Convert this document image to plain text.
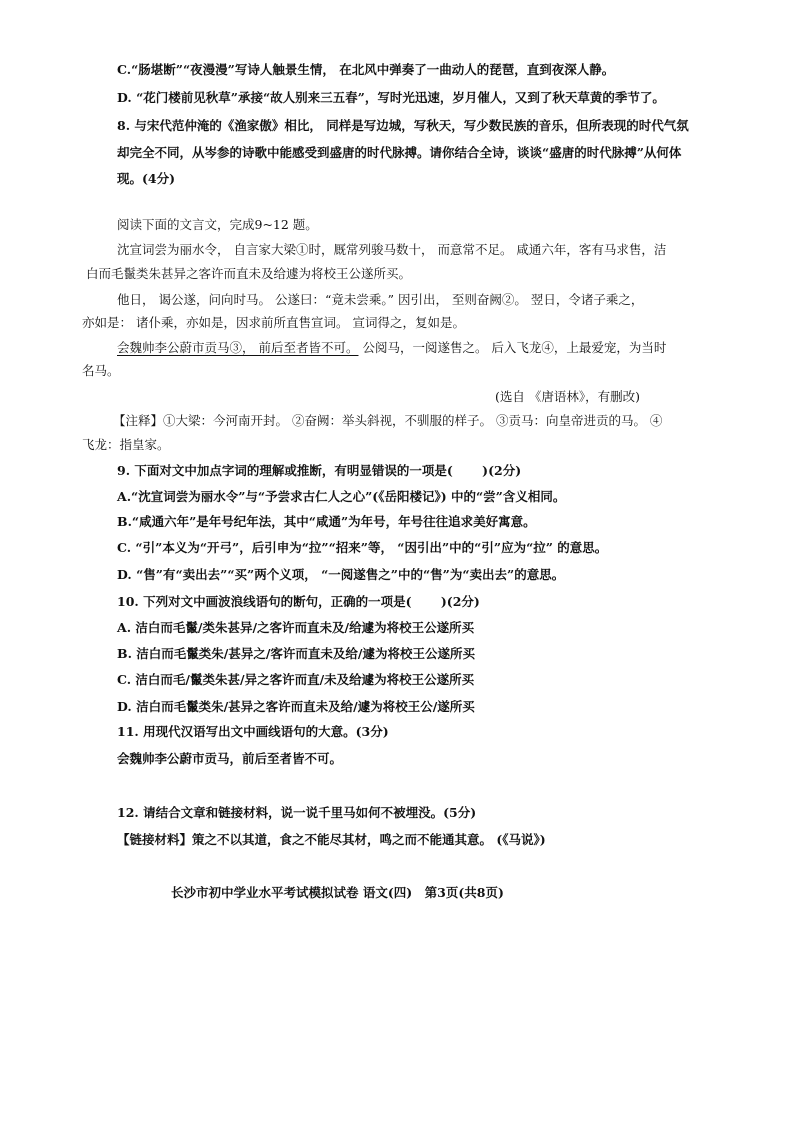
C.“肠堪断”“夜漫漫”写诗人触景生情， 在北风中弹奏了一曲动人的琵琶，直到夜深人静。
D. “花门楼前见秋草”承接“故人别来三五春”，写时光迅速，岁月催人，又到了秋天草黄的季节了。
8. 与宋代范仲淹的《渔家傲》相比， 同样是写边城，写秋天，写少数民族的音乐，但所表现的时代气氛
却完全不同，从岑参的诗歌中能感受到盛唐的时代脉搏。请你结合全诗，谈谈“盛唐的时代脉搏”从何体
现。(4分)
阅读下面的文言文，完成9~12 题。
沈宣词尝为丽水令， 自言家大梁①时，厩常列骏马数十， 而意常不足。 咸通六年，客有马求售，洁
白而毛鬣类朱甚异之客许而直未及给遽为将校王公遂所买。
他日， 谒公遂，问向时马。 公遂曰：“竟未尝乘。” 因引出， 至则奋阙②。 翌日，令诸子乘之，
亦如是： 诸仆乘，亦如是，因求前所直售宣词。 宣词得之，复如是。
会魏帅李公蔚市贡马③， 前后至者皆不可。 公阅马，一阅遂售之。 后入飞龙④，上最爱宠，为当时
名马。
(选自 《唐语林》，有删改)
【注释】①大梁：今河南开封。 ②奋阙：举头斜视，不驯服的样子。 ③贡马：向皇帝进贡的马。 ④
飞龙：指皇家。
9. 下面对文中加点字词的理解或推断，有明显错误的一项是(　　 )(2分)
A.“沈宣词尝为丽水令”与“予尝求古仁人之心”(《岳阳楼记》) 中的“尝”含义相同。
B.“咸通六年”是年号纪年法，其中“咸通”为年号，年号往往追求美好寓意。
C. “引”本义为“开弓”，后引申为“拉”“招来”等， “因引出”中的“引”应为“拉” 的意思。
D. “售”有“卖出去”“买”两个义项， “一阅遂售之”中的“售”为“卖出去”的意思。
10. 下列对文中画波浪线语句的断句，正确的一项是(　　 )(2分)
A. 洁白而毛鬣/类朱甚异/之客许而直未及/给遽为将校王公遂所买
B. 洁白而毛鬣类朱/甚异之/客许而直未及给/遽为将校王公遂所买
C. 洁白而毛/鬣类朱甚/异之客许而直/未及给遽为将校王公遂所买
D. 洁白而毛鬣类朱/甚异之客许而直未及给/遽为将校王公/遂所买
11. 用现代汉语写出文中画线语句的大意。(3分)
会魏帅李公蔚市贡马，前后至者皆不可。
12. 请结合文章和链接材料，说一说千里马如何不被埋没。(5分)
【链接材料】策之不以其道，食之不能尽其材，鸣之而不能通其意。 (《马说》)
长沙市初中学业水平考试模拟试卷 语文(四)　第3页(共8页)
